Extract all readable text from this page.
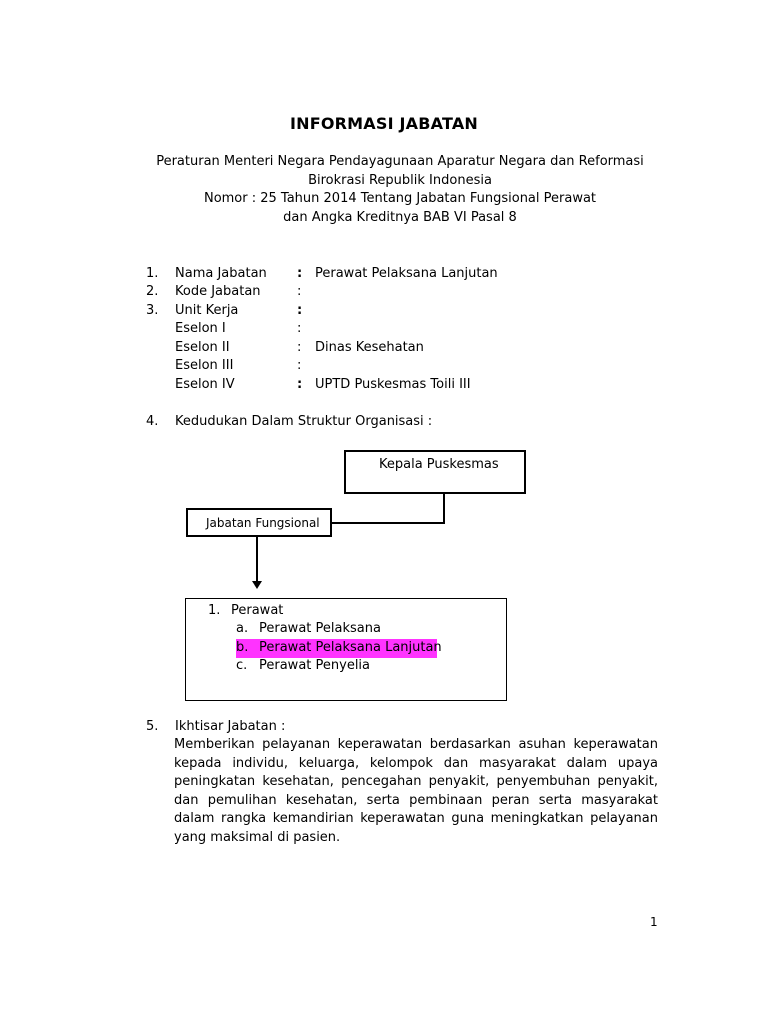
INFORMASI JABATAN
Peraturan Menteri Negara Pendayagunaan Aparatur Negara dan Reformasi
Birokrasi Republik Indonesia
Nomor : 25 Tahun 2014 Tentang Jabatan Fungsional Perawat
dan Angka Kreditnya BAB VI Pasal 8
1. Nama Jabatan : Perawat Pelaksana Lanjutan
2. Kode Jabatan	:
3. Unit Kerja	:
Eselon I	:
Eselon II	: Dinas Kesehatan
Eselon III	:
Eselon IV	: UPTD Puskesmas Toili III
4. Kedudukan Dalam Struktur Organisasi :
Kepala Puskesmas
Jabatan Fungsional
1. Perawat
a. Perawat Pelaksana
b. Perawat Pelaksana Lanjutan
c. Perawat Penyelia
5. Ikhtisar Jabatan :
Memberikan pelayanan keperawatan berdasarkan asuhan keperawatan kepada individu, keluarga, kelompok dan masyarakat dalam upaya peningkatan kesehatan, pencegahan penyakit, penyembuhan penyakit, dan pemulihan kesehatan, serta pembinaan peran serta masyarakat dalam rangka kemandirian keperawatan guna meningkatkan pelayanan yang maksimal di pasien.
1
